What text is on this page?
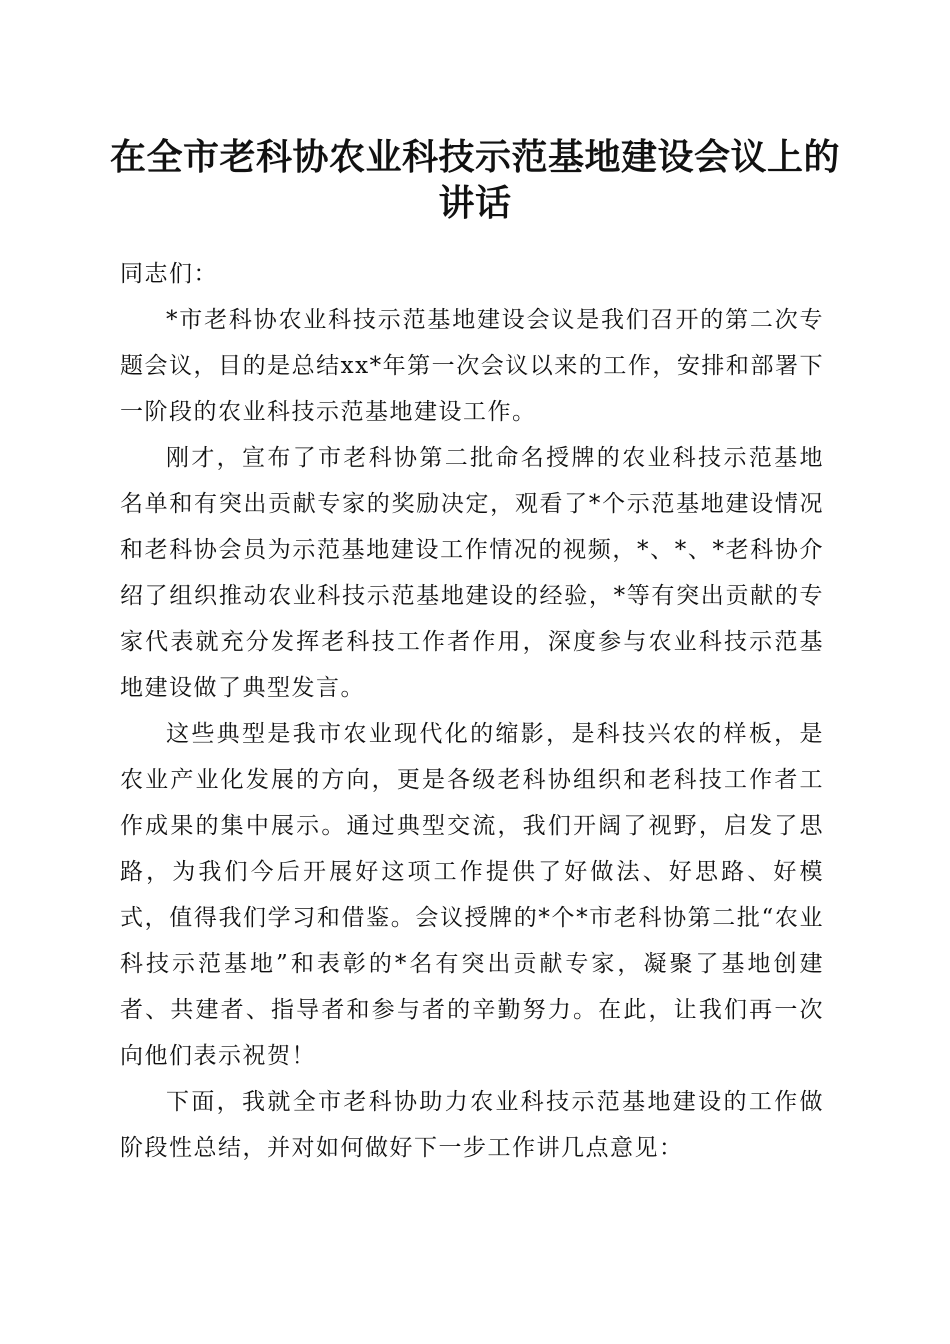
在全市老科协农业科技示范基地建设会议上的讲话

同志们：

*市老科协农业科技示范基地建设会议是我们召开的第二次专题会议，目的是总结xx*年第一次会议以来的工作，安排和部署下一阶段的农业科技示范基地建设工作。

刚才，宣布了市老科协第二批命名授牌的农业科技示范基地名单和有突出贡献专家的奖励决定，观看了*个示范基地建设情况和老科协会员为示范基地建设工作情况的视频，*、*、*老科协介绍了组织推动农业科技示范基地建设的经验，*等有突出贡献的专家代表就充分发挥老科技工作者作用，深度参与农业科技示范基地建设做了典型发言。

这些典型是我市农业现代化的缩影，是科技兴农的样板，是农业产业化发展的方向，更是各级老科协组织和老科技工作者工作成果的集中展示。通过典型交流，我们开阔了视野，启发了思路，为我们今后开展好这项工作提供了好做法、好思路、好模式，值得我们学习和借鉴。会议授牌的*个*市老科协第二批“农业科技示范基地”和表彰的*名有突出贡献专家，凝聚了基地创建者、共建者、指导者和参与者的辛勤努力。在此，让我们再一次向他们表示祝贺！

下面，我就全市老科协助力农业科技示范基地建设的工作做阶段性总结，并对如何做好下一步工作讲几点意见：
